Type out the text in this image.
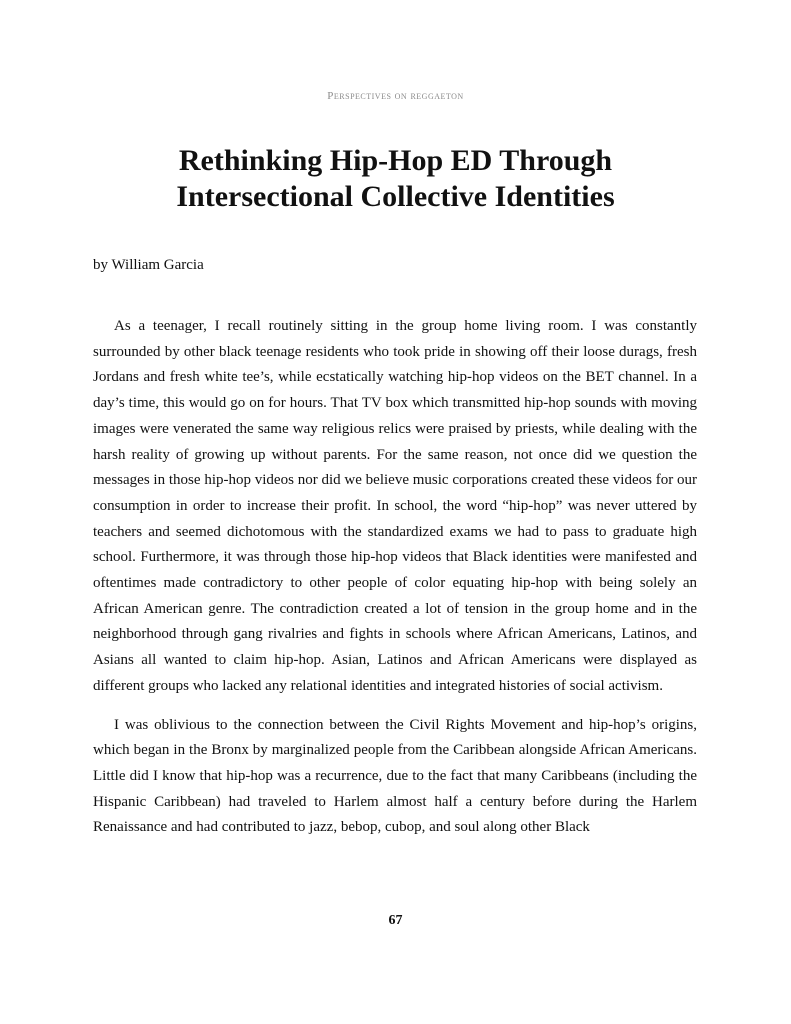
Perspectives on reggaeton
Rethinking Hip-Hop ED Through
Intersectional Collective Identities

by William Garcia

As a teenager, I recall routinely sitting in the group home living room. I was constantly surrounded by other black teenage residents who took pride in showing off their loose durags, fresh Jordans and fresh white tee’s, while ecstatically watching hip-hop videos on the BET channel. In a day’s time, this would go on for hours. That TV box which transmitted hip-hop sounds with moving images were venerated the same way religious relics were praised by priests, while dealing with the harsh reality of growing up without parents. For the same reason, not once did we question the messages in those hip-hop videos nor did we believe music corporations created these videos for our consumption in order to increase their profit. In school, the word “hip-hop” was never uttered by teachers and seemed dichotomous with the standardized exams we had to pass to graduate high school. Furthermore, it was through those hip-hop videos that Black identities were manifested and oftentimes made contradictory to other people of color equating hip-hop with being solely an African American genre. The contradiction created a lot of tension in the group home and in the neighborhood through gang rivalries and fights in schools where African Americans, Latinos, and Asians all wanted to claim hip-hop. Asian, Latinos and African Americans were displayed as different groups who lacked any relational identities and integrated histories of social activism.

I was oblivious to the connection between the Civil Rights Movement and hip-hop’s origins, which began in the Bronx by marginalized people from the Caribbean alongside African Americans. Little did I know that hip-hop was a recurrence, due to the fact that many Caribbeans (including the Hispanic Caribbean) had traveled to Harlem almost half a century before during the Harlem Renaissance and had contributed to jazz, bebop, cubop, and soul along other Black

67
